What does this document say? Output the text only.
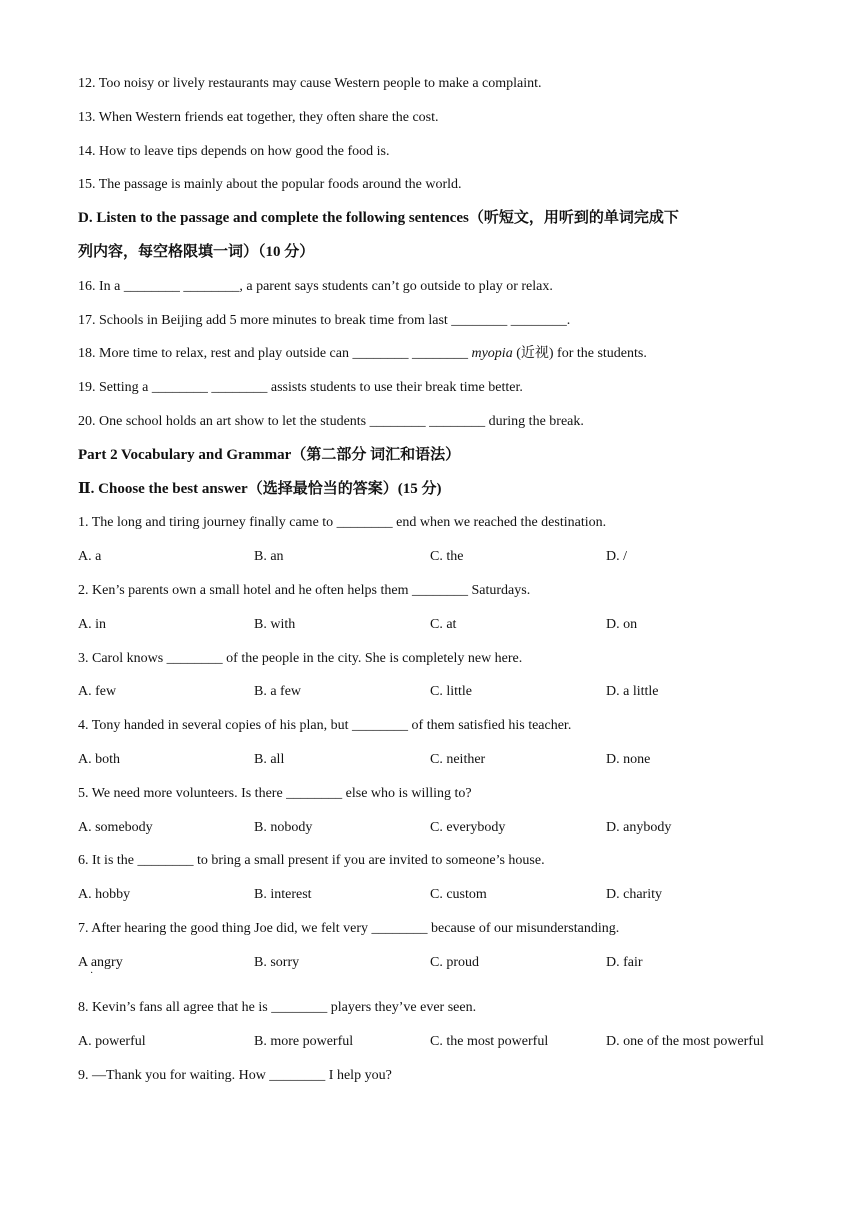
12. Too noisy or lively restaurants may cause Western people to make a complaint.
13. When Western friends eat together, they often share the cost.
14. How to leave tips depends on how good the food is.
15. The passage is mainly about the popular foods around the world.
D. Listen to the passage and complete the following sentences（听短文，用听到的单词完成下
列内容，每空格限填一词）（10 分）
16. In a ________ ________, a parent says students can’t go outside to play or relax.
17. Schools in Beijing add 5 more minutes to break time from last ________ ________.
18. More time to relax, rest and play outside can ________ ________ myopia (近视) for the students.
19. Setting a ________ ________ assists students to use their break time better.
20. One school holds an art show to let the students ________ ________ during the break.
Part 2 Vocabulary and Grammar（第二部分 词汇和语法）
Ⅱ. Choose the best answer（选择最恰当的答案）(15 分)
1. The long and tiring journey finally came to ________ end when we reached the destination.
A. a	B. an	C. the	D. /
2. Ken’s parents own a small hotel and he often helps them ________ Saturdays.
A. in	B. with	C. at	D. on
3. Carol knows ________ of the people in the city. She is completely new here.
A. few	B. a few	C. little	D. a little
4. Tony handed in several copies of his plan, but ________ of them satisfied his teacher.
A. both	B. all	C. neither	D. none
5. We need more volunteers. Is there ________ else who is willing to?
A. somebody	B. nobody	C. everybody	D. anybody
6. It is the ________ to bring a small present if you are invited to someone’s house.
A. hobby	B. interest	C. custom	D. charity
7. After hearing the good thing Joe did, we felt very ________ because of our misunderstanding.
A angry	B. sorry	C. proud	D. fair
·
8. Kevin’s fans all agree that he is ________ players they’ve ever seen.
A. powerful	B. more powerful	C. the most powerful	D. one of the most powerful
9. —Thank you for waiting. How ________ I help you?
